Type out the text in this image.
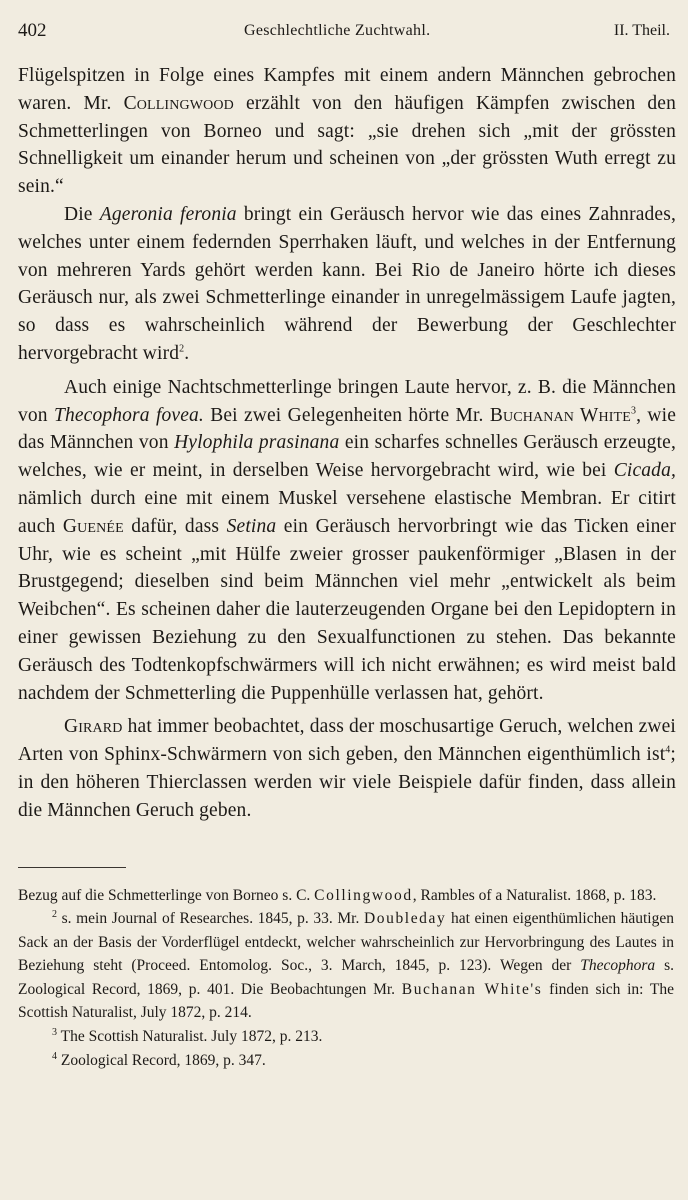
402	Geschlechtliche Zuchtwahl.	II. Theil.

Flügelspitzen in Folge eines Kampfes mit einem andern Männchen gebrochen waren. Mr. Collingwood erzählt von den häufigen Kämpfen zwischen den Schmetterlingen von Borneo und sagt: „sie drehen sich „mit der grössten Schnelligkeit um einander herum und scheinen von „der grössten Wuth erregt zu sein.“

Die Ageronia feronia bringt ein Geräusch hervor wie das eines Zahnrades, welches unter einem federnden Sperrhaken läuft, und welches in der Entfernung von mehreren Yards gehört werden kann. Bei Rio de Janeiro hörte ich dieses Geräusch nur, als zwei Schmetterlinge einander in unregelmässigem Laufe jagten, so dass es wahrscheinlich während der Bewerbung der Geschlechter hervorgebracht wird$^2$.

Auch einige Nachtschmetterlinge bringen Laute hervor, z. B. die Männchen von Thecophora fovea. Bei zwei Gelegenheiten hörte Mr. Buchanan White$^3$, wie das Männchen von Hylophila prasinana ein scharfes schnelles Geräusch erzeugte, welches, wie er meint, in derselben Weise hervorgebracht wird, wie bei Cicada, nämlich durch eine mit einem Muskel versehene elastische Membran. Er citirt auch Guenée dafür, dass Setina ein Geräusch hervorbringt wie das Ticken einer Uhr, wie es scheint „mit Hülfe zweier grosser paukenförmiger „Blasen in der Brustgegend; dieselben sind beim Männchen viel mehr „entwickelt als beim Weibchen“. Es scheinen daher die lauterzeugenden Organe bei den Lepidoptern in einer gewissen Beziehung zu den Sexualfunctionen zu stehen. Das bekannte Geräusch des Todtenkopfschwärmers will ich nicht erwähnen; es wird meist bald nachdem der Schmetterling die Puppenhülle verlassen hat, gehört.

Girard hat immer beobachtet, dass der moschusartige Geruch, welchen zwei Arten von Sphinx-Schwärmern von sich geben, den Männchen eigenthümlich ist$^4$; in den höheren Thierclassen werden wir viele Beispiele dafür finden, dass allein die Männchen Geruch geben.

Bezug auf die Schmetterlinge von Borneo s. C. Collingwood, Rambles of a Naturalist. 1868, p. 183.

$^2$ s. mein Journal of Researches. 1845, p. 33. Mr. Doubleday hat einen eigenthümlichen häutigen Sack an der Basis der Vorderflügel entdeckt, welcher wahrscheinlich zur Hervorbringung des Lautes in Beziehung steht (Proceed. Entomolog. Soc., 3. March, 1845, p. 123). Wegen der Thecophora s. Zoological Record, 1869, p. 401. Die Beobachtungen Mr. Buchanan White's finden sich in: The Scottish Naturalist, July 1872, p. 214.

$^3$ The Scottish Naturalist. July 1872, p. 213.

$^4$ Zoological Record, 1869, p. 347.
